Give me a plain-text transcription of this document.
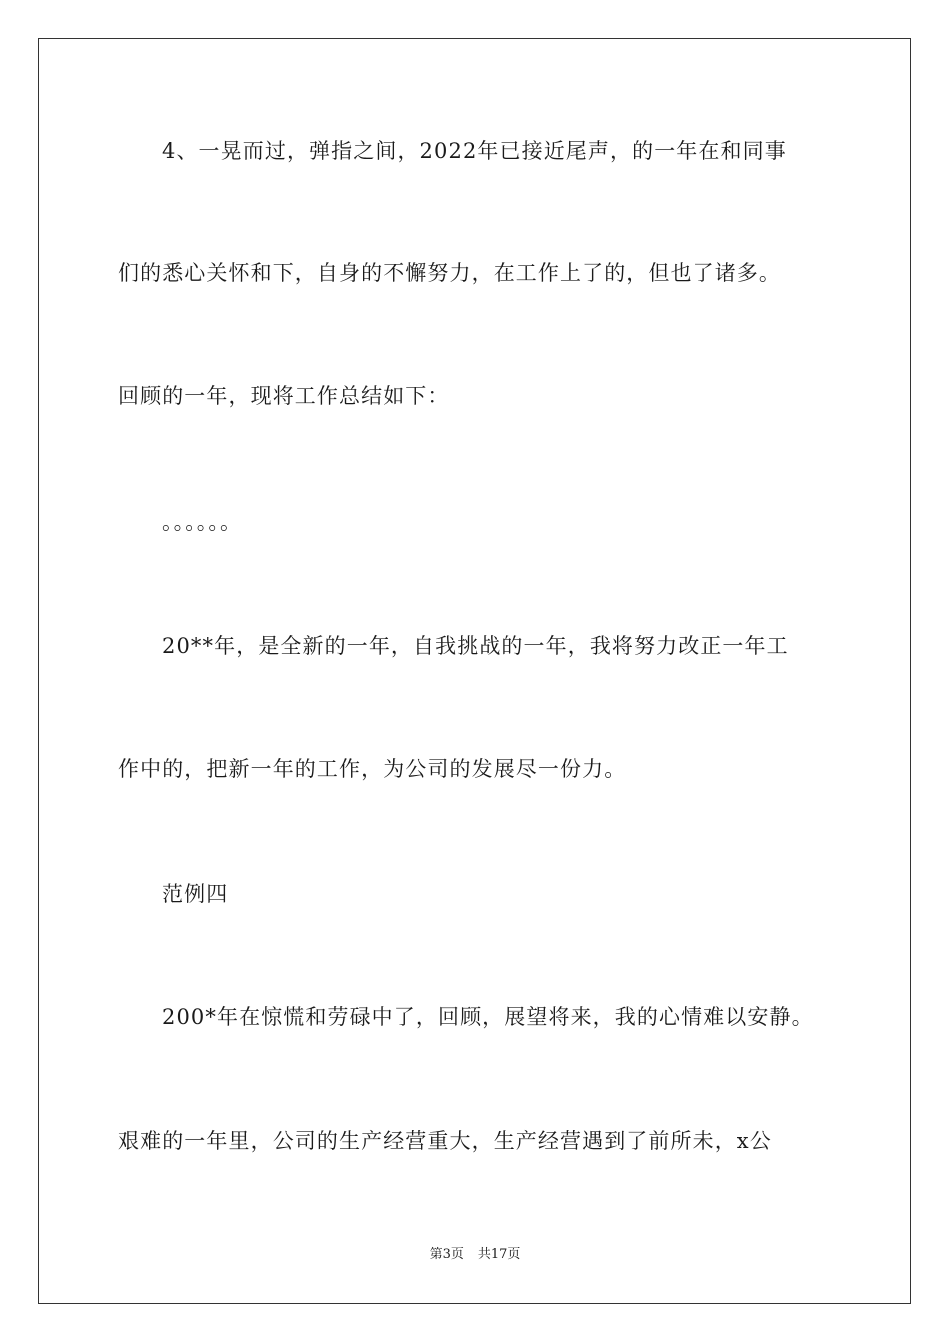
4、一晃而过，弹指之间，2022年已接近尾声，的一年在和同事
们的悉心关怀和下，自身的不懈努力，在工作上了的，但也了诸多。
回顾的一年，现将工作总结如下：
。。。。。。
20**年，是全新的一年，自我挑战的一年，我将努力改正一年工
作中的，把新一年的工作，为公司的发展尽一份力。
范例四
200*年在惊慌和劳碌中了，回顾，展望将来，我的心情难以安静。
艰难的一年里，公司的生产经营重大，生产经营遇到了前所未，x公
第3页 共17页
